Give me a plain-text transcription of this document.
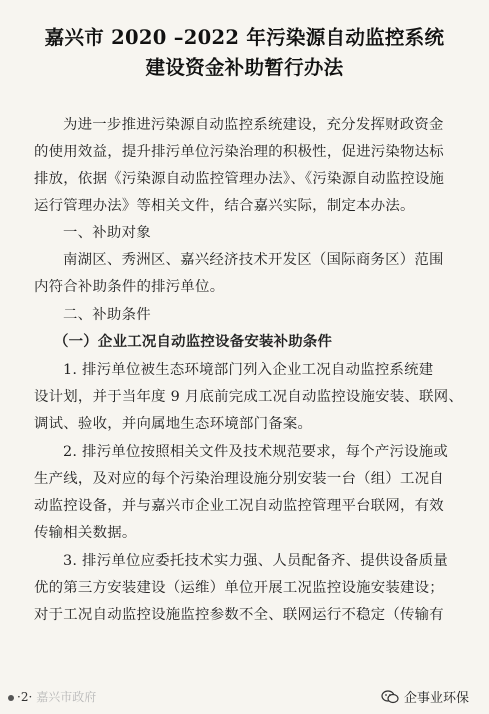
嘉兴市 2020 –2022 年污染源自动监控系统
建设资金补助暂行办法
为进一步推进污染源自动监控系统建设，充分发挥财政资金
的使用效益，提升排污单位污染治理的积极性，促进污染物达标
排放，依据《污染源自动监控管理办法》、《污染源自动监控设施
运行管理办法》等相关文件，结合嘉兴实际，制定本办法。
一、补助对象
南湖区、秀洲区、嘉兴经济技术开发区（国际商务区）范围
内符合补助条件的排污单位。
二、补助条件
（一）企业工况自动监控设备安装补助条件
1. 排污单位被生态环境部门列入企业工况自动监控系统建
设计划，并于当年度 9 月底前完成工况自动监控设施安装、联网、
调试、验收，并向属地生态环境部门备案。
2. 排污单位按照相关文件及技术规范要求，每个产污设施或
生产线，及对应的每个污染治理设施分别安装一台（组）工况自
动监控设备，并与嘉兴市企业工况自动监控管理平台联网，有效
传输相关数据。
3. 排污单位应委托技术实力强、人员配备齐、提供设备质量
优的第三方安装建设（运维）单位开展工况监控设施安装建设；
对于工况自动监控设施监控参数不全、联网运行不稳定（传输有
·2· 嘉兴市政府	企事业环保
